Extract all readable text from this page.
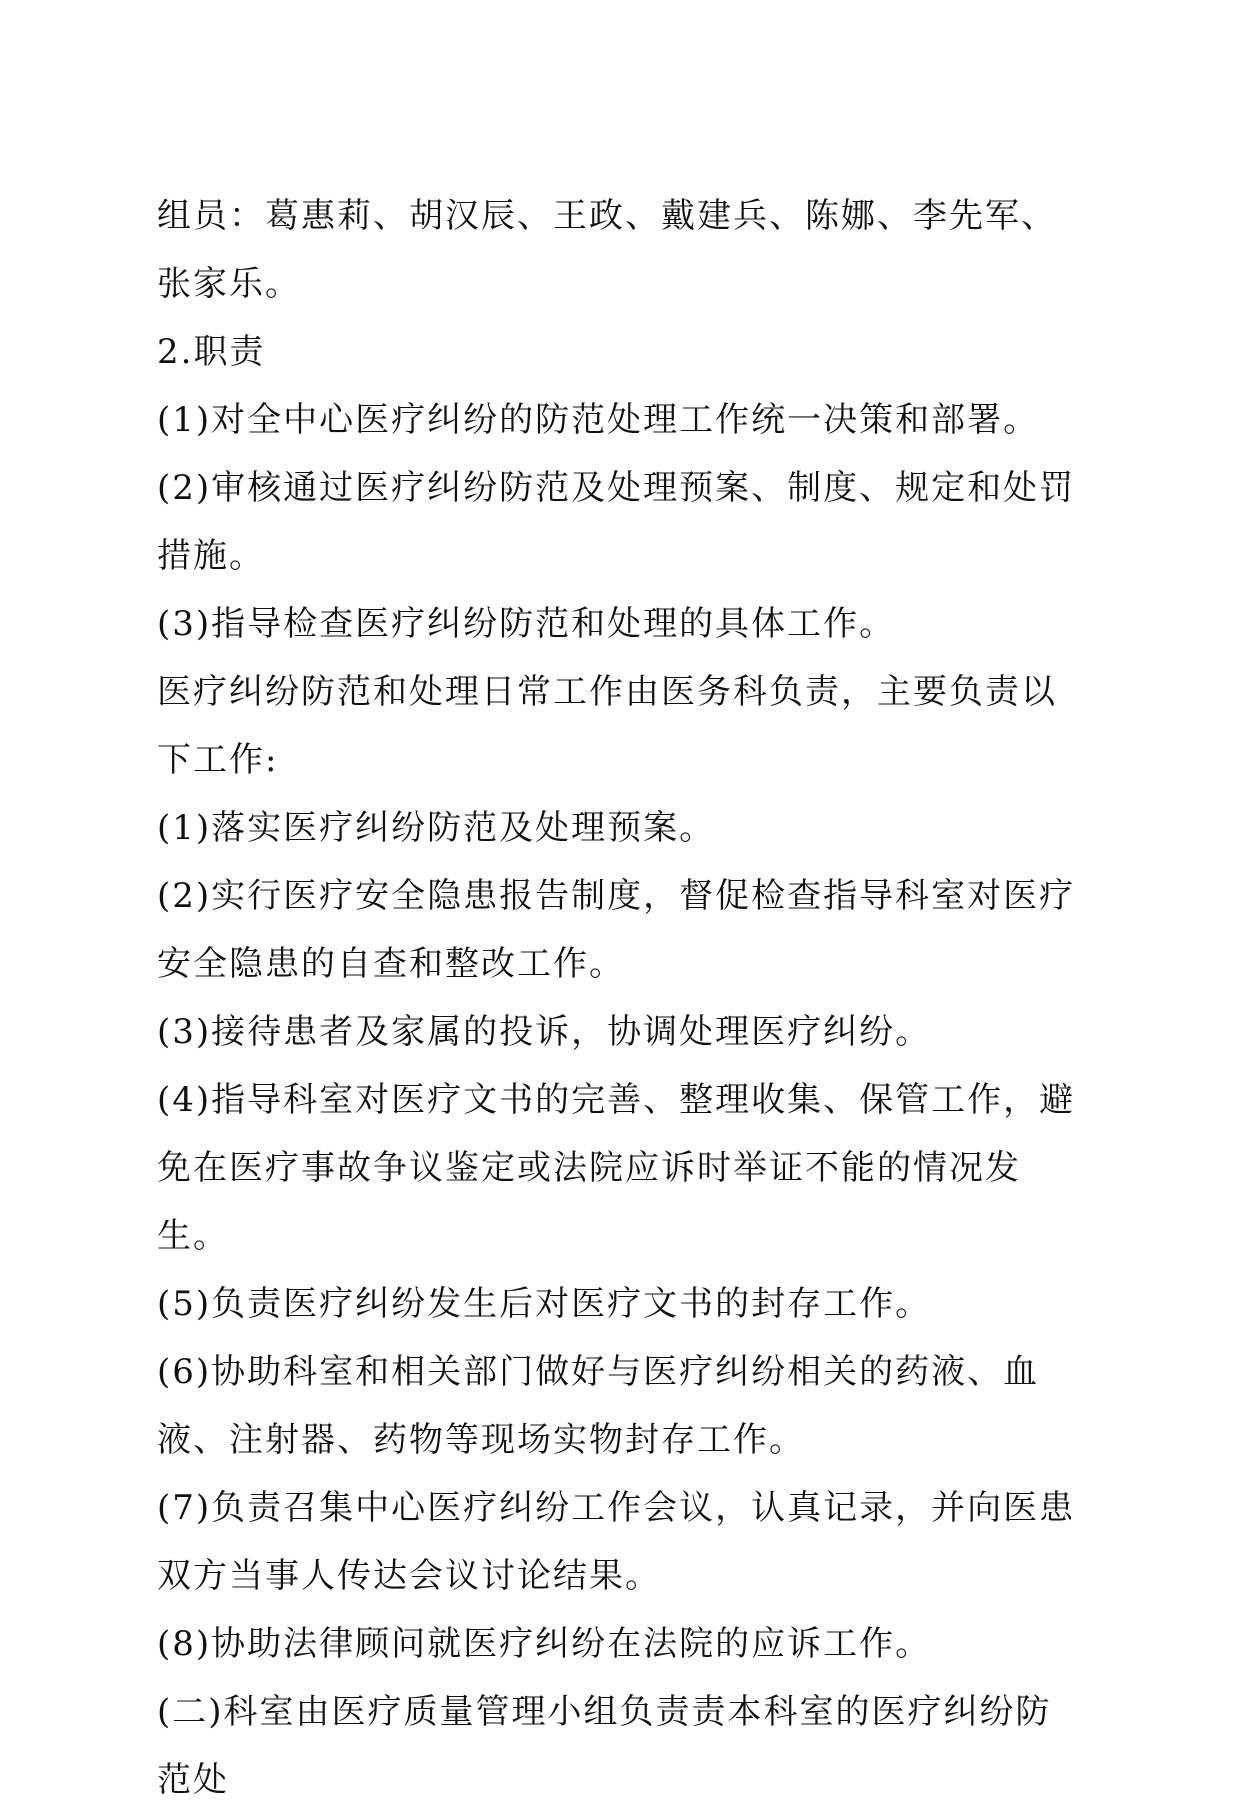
组员：葛惠莉、胡汉辰、王政、戴建兵、陈娜、李先军、张家乐。

2.职责

(1)对全中心医疗纠纷的防范处理工作统一决策和部署。

(2)审核通过医疗纠纷防范及处理预案、制度、规定和处罚措施。

(3)指导检查医疗纠纷防范和处理的具体工作。

医疗纠纷防范和处理日常工作由医务科负责，主要负责以下工作:

(1)落实医疗纠纷防范及处理预案。

(2)实行医疗安全隐患报告制度，督促检查指导科室对医疗安全隐患的自查和整改工作。

(3)接待患者及家属的投诉，协调处理医疗纠纷。

(4)指导科室对医疗文书的完善、整理收集、保管工作，避免在医疗事故争议鉴定或法院应诉时举证不能的情况发生。

(5)负责医疗纠纷发生后对医疗文书的封存工作。

(6)协助科室和相关部门做好与医疗纠纷相关的药液、血液、注射器、药物等现场实物封存工作。

(7)负责召集中心医疗纠纷工作会议，认真记录，并向医患双方当事人传达会议讨论结果。

(8)协助法律顾问就医疗纠纷在法院的应诉工作。

(二)科室由医疗质量管理小组负责责本科室的医疗纠纷防范处
